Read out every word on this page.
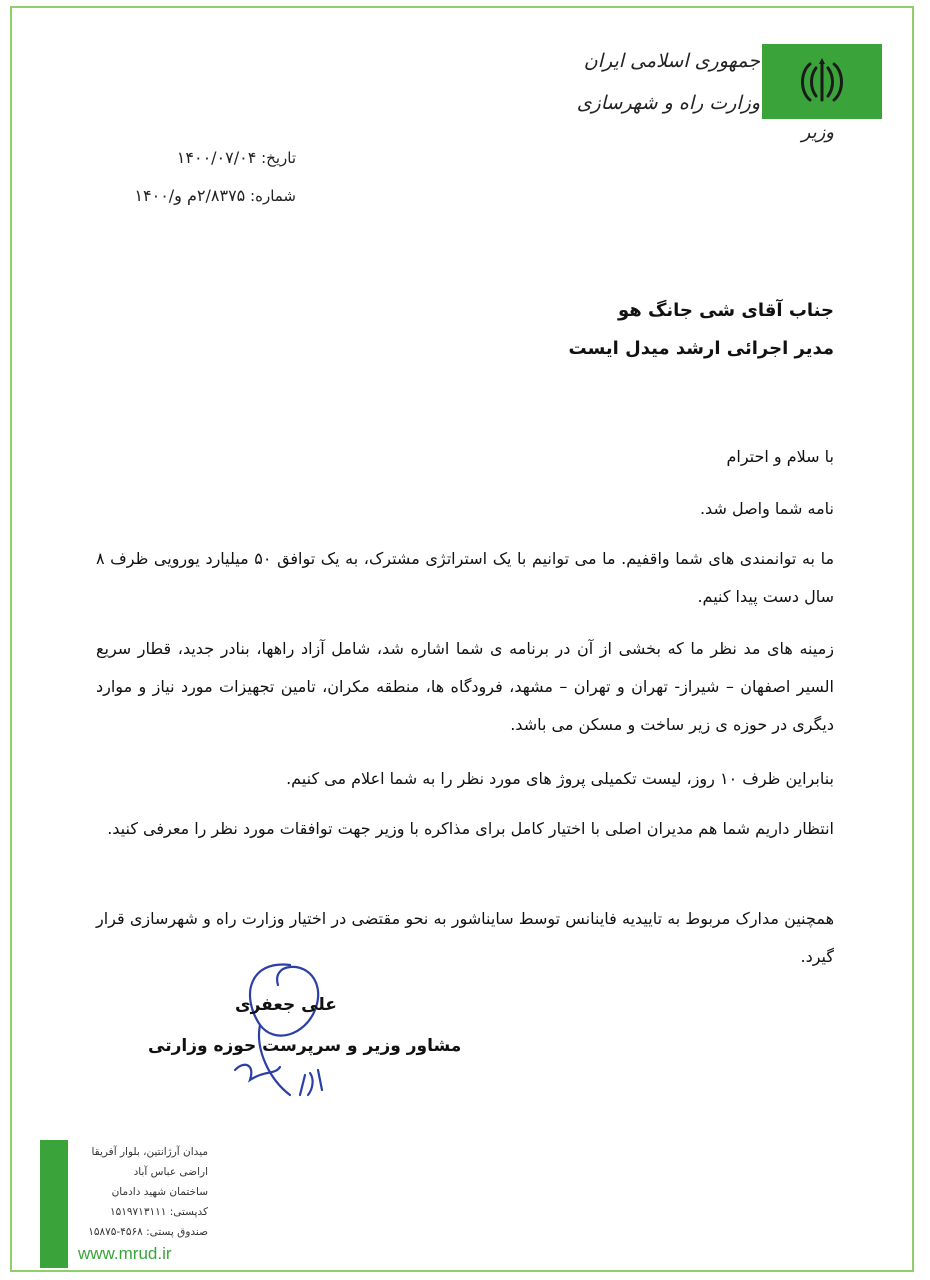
جمهوری اسلامی ایران
وزارت راه و شهرسازی
وزیر
تاریخ: ۱۴۰۰/۰۷/۰۴
شماره: ۲/۸۳۷۵م و/۱۴۰۰
جناب آقای شی جانگ هو
مدیر اجرائی ارشد میدل ایست
با سلام و احترام
نامه شما واصل شد.
ما به توانمندی های شما واقفیم. ما می توانیم با یک استراتژی مشترک، به یک توافق ۵۰ میلیارد یورویی ظرف ۸ سال دست پیدا کنیم.
زمینه های مد نظر ما که بخشی از آن در برنامه ی شما اشاره شد، شامل آزاد راهها، بنادر جدید، قطار سریع السیر اصفهان – شیراز- تهران و تهران – مشهد، فرودگاه ها، منطقه مکران، تامین تجهیزات مورد نیاز و موارد دیگری در حوزه ی زیر ساخت و مسکن می باشد.
بنابراین ظرف ۱۰ روز، لیست تکمیلی پروژ های مورد نظر را به شما اعلام می کنیم.
انتظار داریم شما هم مدیران اصلی با اختیار کامل برای مذاکره با وزیر جهت توافقات مورد نظر را معرفی کنید.
همچنین مدارک مربوط به تاییدیه فاینانس توسط سایناشور به نحو مقتضی در اختیار وزارت راه و شهرسازی قرار گیرد.
علی جعفری
مشاور وزیر و سرپرست حوزه وزارتی
میدان آرژانتین، بلوار آفریقا
اراضی عباس آباد
ساختمان شهید دادمان
کدپستی: ۱۵۱۹۷۱۳۱۱۱
صندوق پستی: ۴۵۶۸-۱۵۸۷۵
www.mrud.ir
